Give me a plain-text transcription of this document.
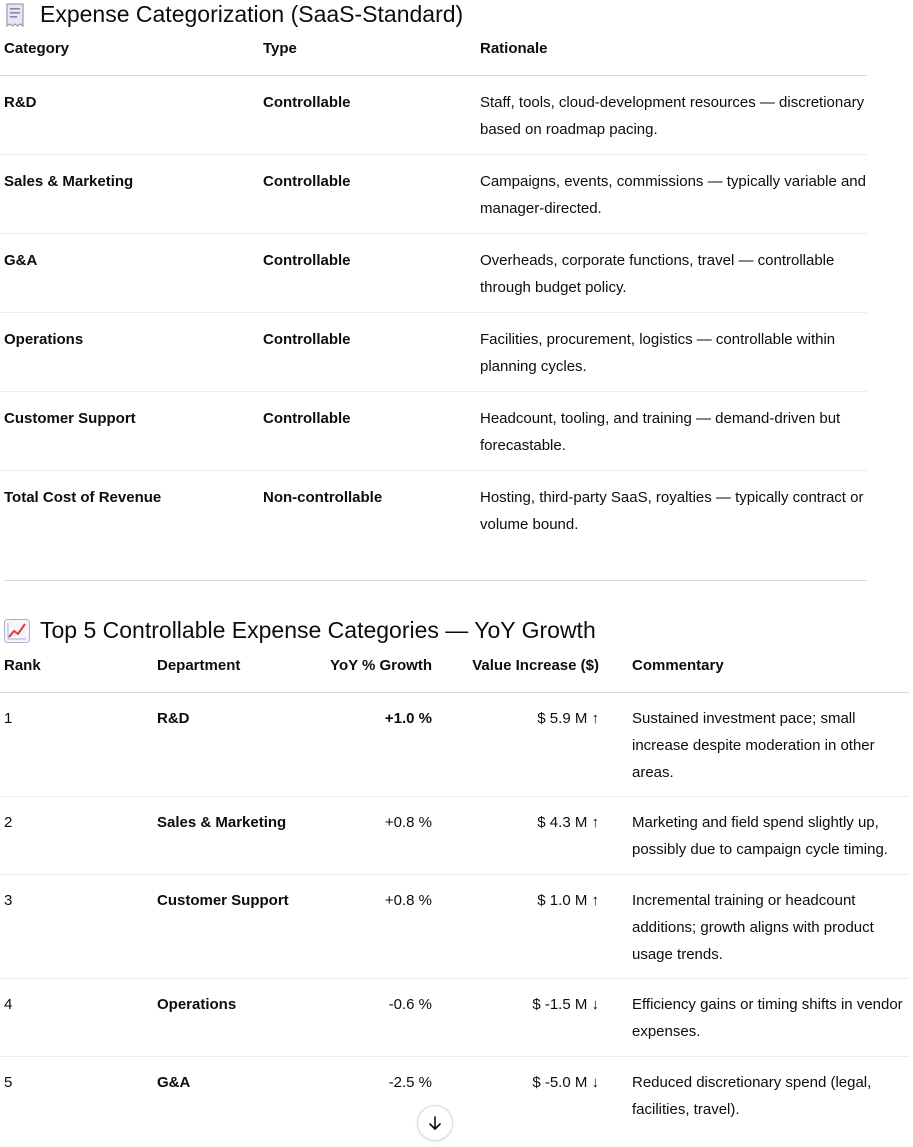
Expense Categorization (SaaS-Standard)
Category	Type	Rationale
R&D	Controllable	Staff, tools, cloud-development resources — discretionary based on roadmap pacing.
Sales & Marketing	Controllable	Campaigns, events, commissions — typically variable and manager-directed.
G&A	Controllable	Overheads, corporate functions, travel — controllable through budget policy.
Operations	Controllable	Facilities, procurement, logistics — controllable within planning cycles.
Customer Support	Controllable	Headcount, tooling, and training — demand-driven but forecastable.
Total Cost of Revenue	Non-controllable	Hosting, third-party SaaS, royalties — typically contract or volume bound.
Top 5 Controllable Expense Categories — YoY Growth
Rank	Department	YoY % Growth	Value Increase ($)	Commentary
1	R&D	+1.0 %	$ 5.9 M ↑	Sustained investment pace; small increase despite moderation in other areas.
2	Sales & Marketing	+0.8 %	$ 4.3 M ↑	Marketing and field spend slightly up, possibly due to campaign cycle timing.
3	Customer Support	+0.8 %	$ 1.0 M ↑	Incremental training or headcount additions; growth aligns with product usage trends.
4	Operations	-0.6 %	$ -1.5 M ↓	Efficiency gains or timing shifts in vendor expenses.
5	G&A	-2.5 %	$ -5.0 M ↓	Reduced discretionary spend (legal, facilities, travel).
